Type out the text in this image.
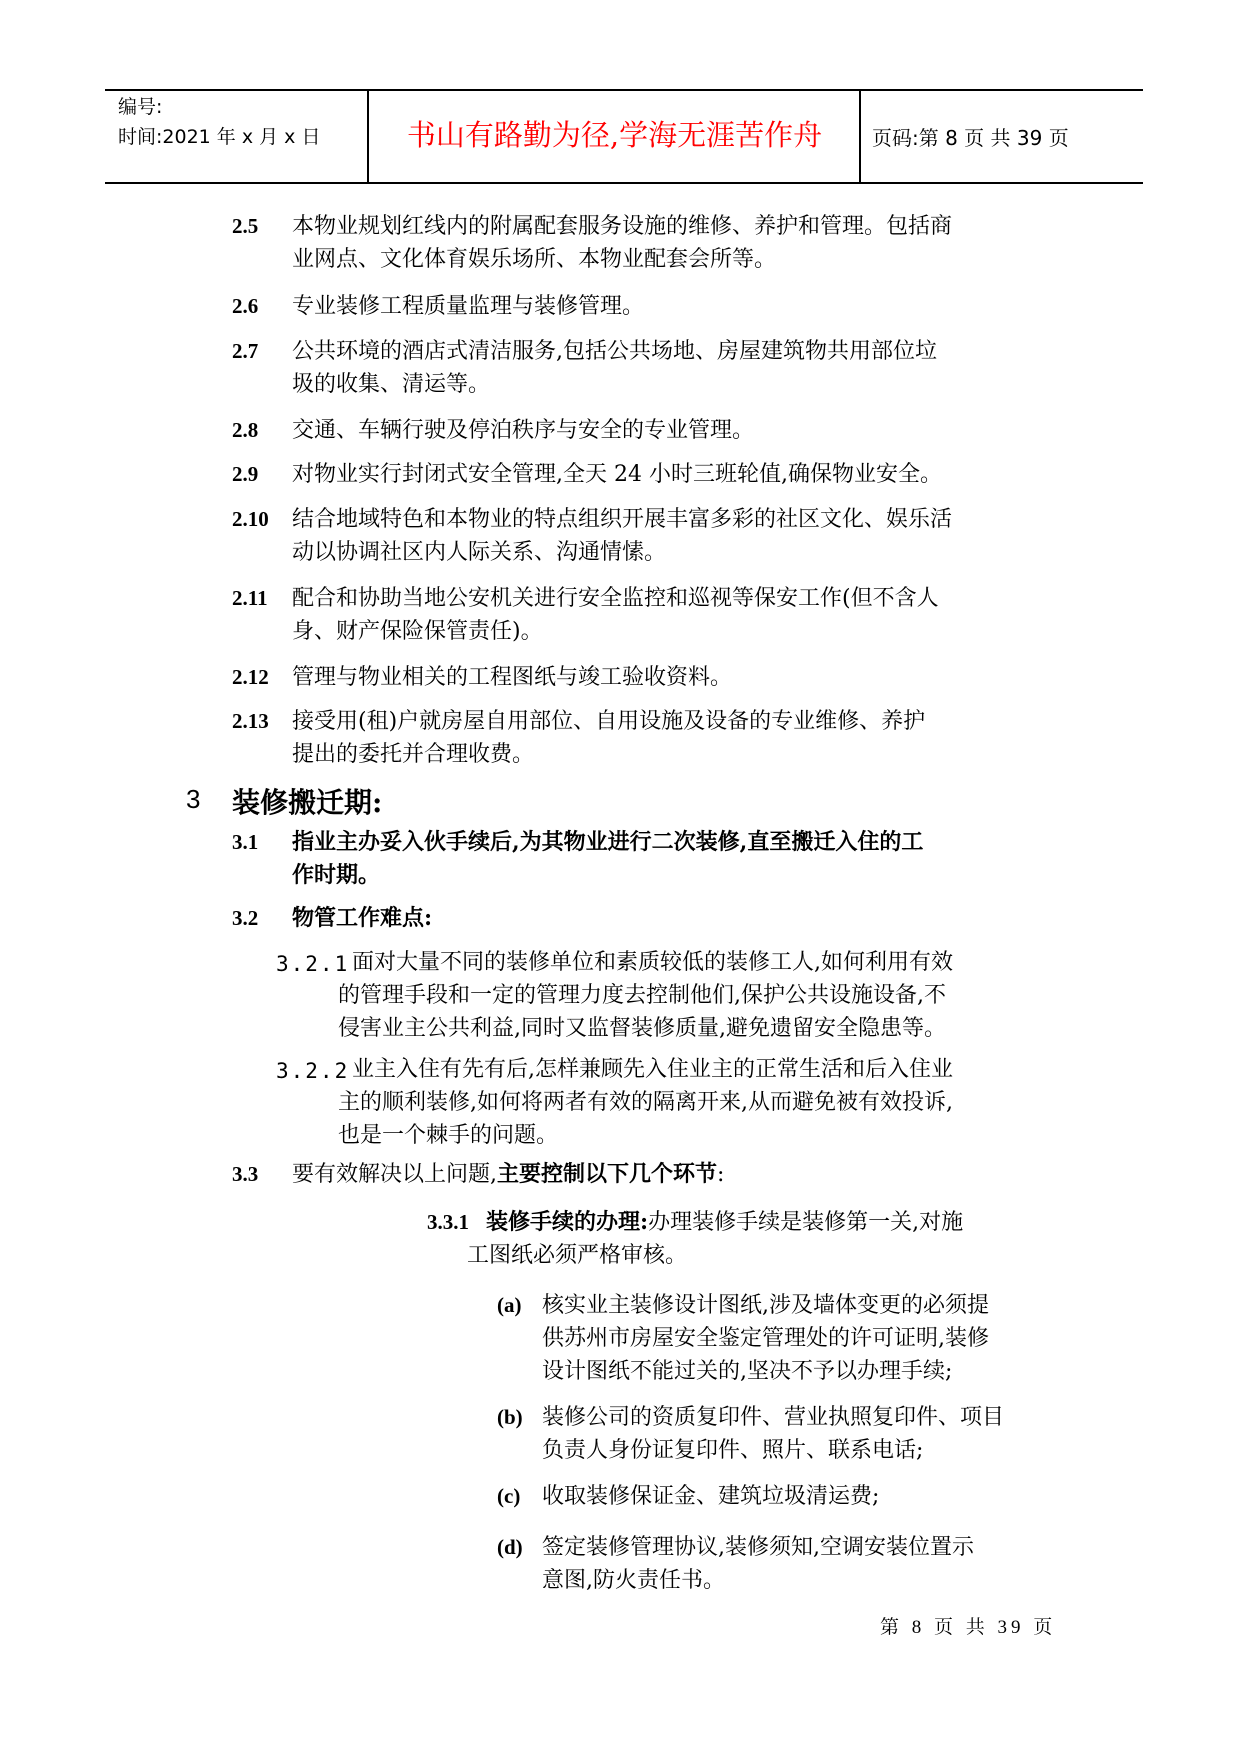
编号:
时间:2021 年 x 月 x 日	书山有路勤为径,学海无涯苦作舟	页码:第 8 页 共 39 页
2.5 本物业规划红线内的附属配套服务设施的维修、养护和管理。包括商
业网点、文化体育娱乐场所、本物业配套会所等。
2.6 专业装修工程质量监理与装修管理。
2.7 公共环境的酒店式清洁服务,包括公共场地、房屋建筑物共用部位垃
圾的收集、清运等。
2.8 交通、车辆行驶及停泊秩序与安全的专业管理。
2.9 对物业实行封闭式安全管理,全天 24 小时三班轮值,确保物业安全。
2.10 结合地域特色和本物业的特点组织开展丰富多彩的社区文化、娱乐活
动以协调社区内人际关系、沟通情愫。
2.11 配合和协助当地公安机关进行安全监控和巡视等保安工作(但不含人
身、财产保险保管责任)。
2.12 管理与物业相关的工程图纸与竣工验收资料。
2.13 接受用(租)户就房屋自用部位、自用设施及设备的专业维修、养护
提出的委托并合理收费。
3 装修搬迁期:
3.1 指业主办妥入伙手续后,为其物业进行二次装修,直至搬迁入住的工
作时期。
3.2 物管工作难点:
3.2.1 面对大量不同的装修单位和素质较低的装修工人,如何利用有效
的管理手段和一定的管理力度去控制他们,保护公共设施设备,不
侵害业主公共利益,同时又监督装修质量,避免遗留安全隐患等。
3.2.2 业主入住有先有后,怎样兼顾先入住业主的正常生活和后入住业
主的顺利装修,如何将两者有效的隔离开来,从而避免被有效投诉,
也是一个棘手的问题。
3.3 要有效解决以上问题,主要控制以下几个环节:
3.3.1 装修手续的办理:办理装修手续是装修第一关,对施
工图纸必须严格审核。
(a) 核实业主装修设计图纸,涉及墙体变更的必须提
供苏州市房屋安全鉴定管理处的许可证明,装修
设计图纸不能过关的,坚决不予以办理手续;
(b) 装修公司的资质复印件、营业执照复印件、项目
负责人身份证复印件、照片、联系电话;
(c) 收取装修保证金、建筑垃圾清运费;
(d) 签定装修管理协议,装修须知,空调安装位置示
意图,防火责任书。
第 8 页 共 39 页
